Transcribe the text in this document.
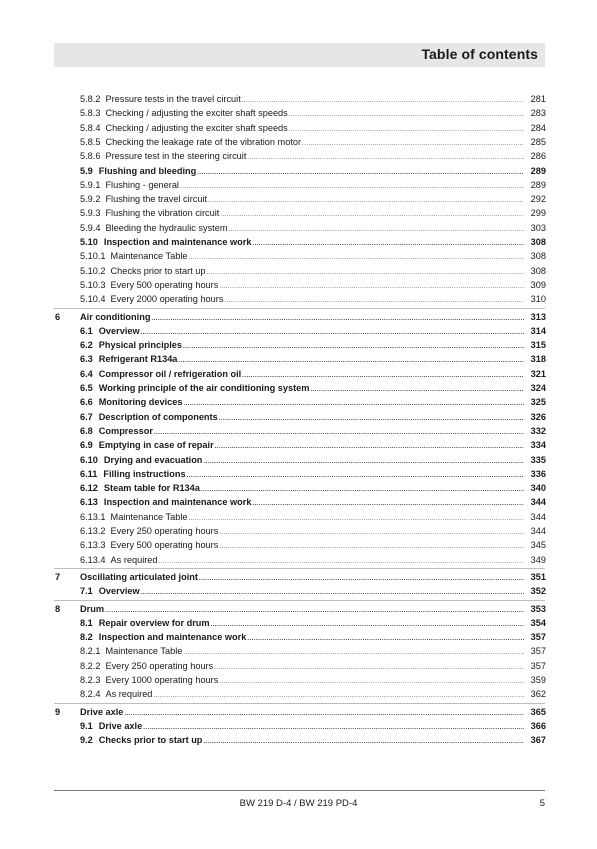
Table of contents
5.8.2 Pressure tests in the travel circuit . . .	281
5.8.3 Checking / adjusting the exciter shaft speeds . . .	283
5.8.4 Checking / adjusting the exciter shaft speeds . . .	284
5.8.5 Checking the leakage rate of the vibration motor . . .	285
5.8.6 Pressure test in the steering circuit . . .	286
5.9 Flushing and bleeding . . .	289
5.9.1 Flushing - general . . .	289
5.9.2 Flushing the travel circuit . . .	292
5.9.3 Flushing the vibration circuit . . .	299
5.9.4 Bleeding the hydraulic system . . .	303
5.10 Inspection and maintenance work . . .	308
5.10.1 Maintenance Table . . .	308
5.10.2 Checks prior to start up . . .	308
5.10.3 Every 500 operating hours . . .	309
5.10.4 Every 2000 operating hours . . .	310
6 Air conditioning . . .	313
6.1 Overview . . .	314
6.2 Physical principles . . .	315
6.3 Refrigerant R134a . . .	318
6.4 Compressor oil / refrigeration oil . . .	321
6.5 Working principle of the air conditioning system . . .	324
6.6 Monitoring devices . . .	325
6.7 Description of components . . .	326
6.8 Compressor . . .	332
6.9 Emptying in case of repair . . .	334
6.10 Drying and evacuation . . .	335
6.11 Filling instructions . . .	336
6.12 Steam table for R134a . . .	340
6.13 Inspection and maintenance work . . .	344
6.13.1 Maintenance Table . . .	344
6.13.2 Every 250 operating hours . . .	344
6.13.3 Every 500 operating hours . . .	345
6.13.4 As required . . .	349
7 Oscillating articulated joint . . .	351
7.1 Overview . . .	352
8 Drum . . .	353
8.1 Repair overview for drum . . .	354
8.2 Inspection and maintenance work . . .	357
8.2.1 Maintenance Table . . .	357
8.2.2 Every 250 operating hours . . .	357
8.2.3 Every 1000 operating hours . . .	359
8.2.4 As required . . .	362
9 Drive axle . . .	365
9.1 Drive axle . . .	366
9.2 Checks prior to start up . . .	367
BW 219 D-4 / BW 219 PD-4	5
